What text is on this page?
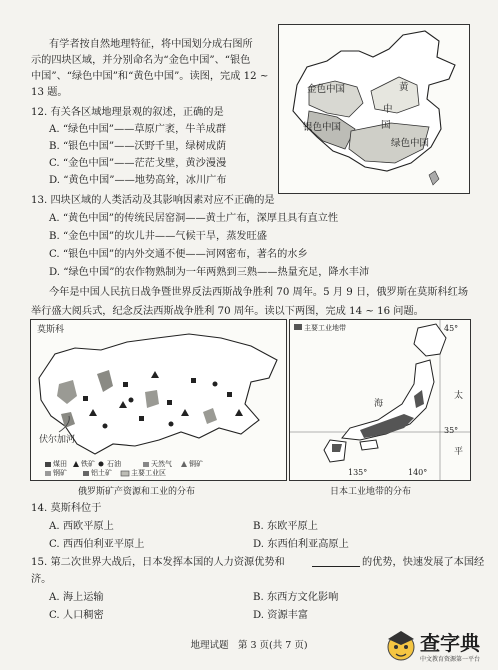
有学者按自然地理特征，将中国划分成右图所
示的四块区域，并分别命名为“金色中国”、“银色
中国”、“绿色中国”和“黄色中国”。读图，完成 12 ~
13 题。	金色中国
银色中国
绿色中国
黄
中
国
12. 有关各区域地理景观的叙述，正确的是
A. “绿色中国”——草原广袤，牛羊成群
B. “银色中国”——沃野千里，绿树成荫
C. “金色中国”——茫茫戈壁，黄沙漫漫
D. “黄色中国”——地势高耸，冰川广布
13. 四块区域的人类活动及其影响因素对应不正确的是
A. “黄色中国”的传统民居窑洞——黄土广布，深厚且具有直立性
B. “金色中国”的坎儿井——气候干旱，蒸发旺盛
C. “银色中国”的内外交通不便——河网密布，著名的水乡
D. “绿色中国”的农作物熟制为一年两熟到三熟——热量充足，降水丰沛
今年是中国人民抗日战争暨世界反法西斯战争胜利 70 周年。5 月 9 日，俄罗斯在莫斯科红场举行盛大阅兵式，纪念反法西斯战争胜利 70 周年。读以下两图，完成 14 ~ 16 问题。
莫斯科
伏尔加河
煤田 铁矿 石油	天然气 铜矿
钢矿	铝土矿	主要工业区
俄罗斯矿产资源和工业的分布
主要工业地带	45°
35°
135°	140°
海
太
平
日本工业地带的分布
14. 莫斯科位于
A. 西欧平原上	B. 东欧平原上
C. 西西伯利亚平原上	D. 东西伯利亚高原上
15. 第二次世界大战后，日本发挥本国的人力资源优势和	的优势，快速发展了本国经
济。
A. 海上运输	B. 东西方文化影响
C. 人口稠密	D. 资源丰富
地理试题　第 3 页(共 7 页)	查字典
中文教育资源第一平台
